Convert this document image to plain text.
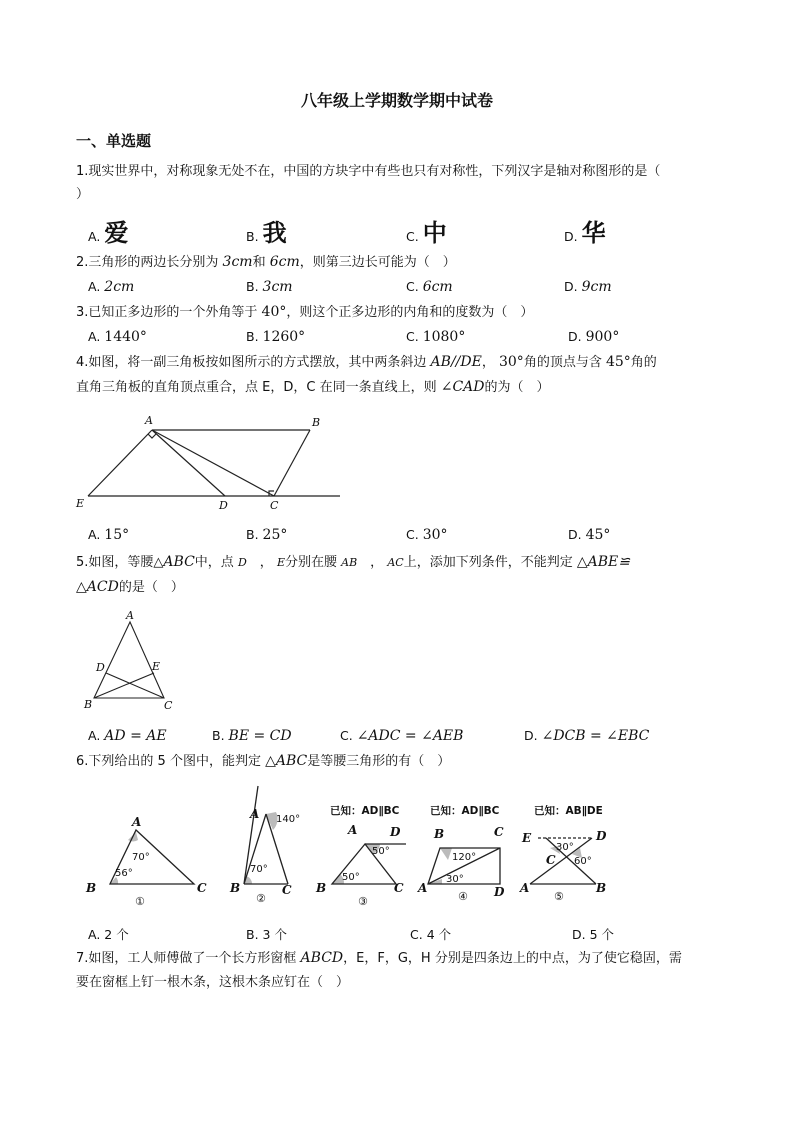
八年级上学期数学期中试卷
一、单选题
1.现实世界中，对称现象无处不在，中国的方块字中有些也只有对称性，下列汉字是轴对称图形的是（
）
A. 爱	B. 我	C. 中	D. 华
2.三角形的两边长分别为 3cm和 6cm，则第三边长可能为（　）
A. 2cm	B. 3cm	C. 6cm	D. 9cm
3.已知正多边形的一个外角等于 40°，则这个正多边形的内角和的度数为（　）
A. 1440°	B. 1260°	C. 1080°	D. 900°
4.如图，将一副三角板按如图所示的方式摆放，其中两条斜边 AB//DE， 30°角的顶点与含 45°角的
直角三角板的直角顶点重合，点 E，D，C 在同一条直线上，则 ∠CAD的为（　）
A	B
C
D
E
A. 15°	B. 25°	C. 30°	D. 45°
5.如图，等腰△ABC中，点 D　 ， E分别在腰 AB　 ， AC上，添加下列条件，不能判定 △ABE≌
△ACD的是（　）
A
B	C
D	E
A. AD = AE	B. BE = CD	C. ∠ADC = ∠AEB	D. ∠DCB = ∠EBC
6.下列给出的 5 个图中，能判定 △ABC是等腰三角形的有（　）
A
B	C
70°
56°
①
A
B	C
140°
70°
②
已知：AD∥BC
A	D
B	C
50°
50°
③
已知：AD∥BC
B	C
A	D
120°
30°
④
已知：AB∥DE
E	D
C
A	B
30°
60°
⑤
A. 2 个	B. 3 个	C. 4 个	D. 5 个
7.如图，工人师傅做了一个长方形窗框 ABCD，E，F，G，H 分别是四条边上的中点，为了使它稳固，需
要在窗框上钉一根木条，这根木条应钉在（　）
